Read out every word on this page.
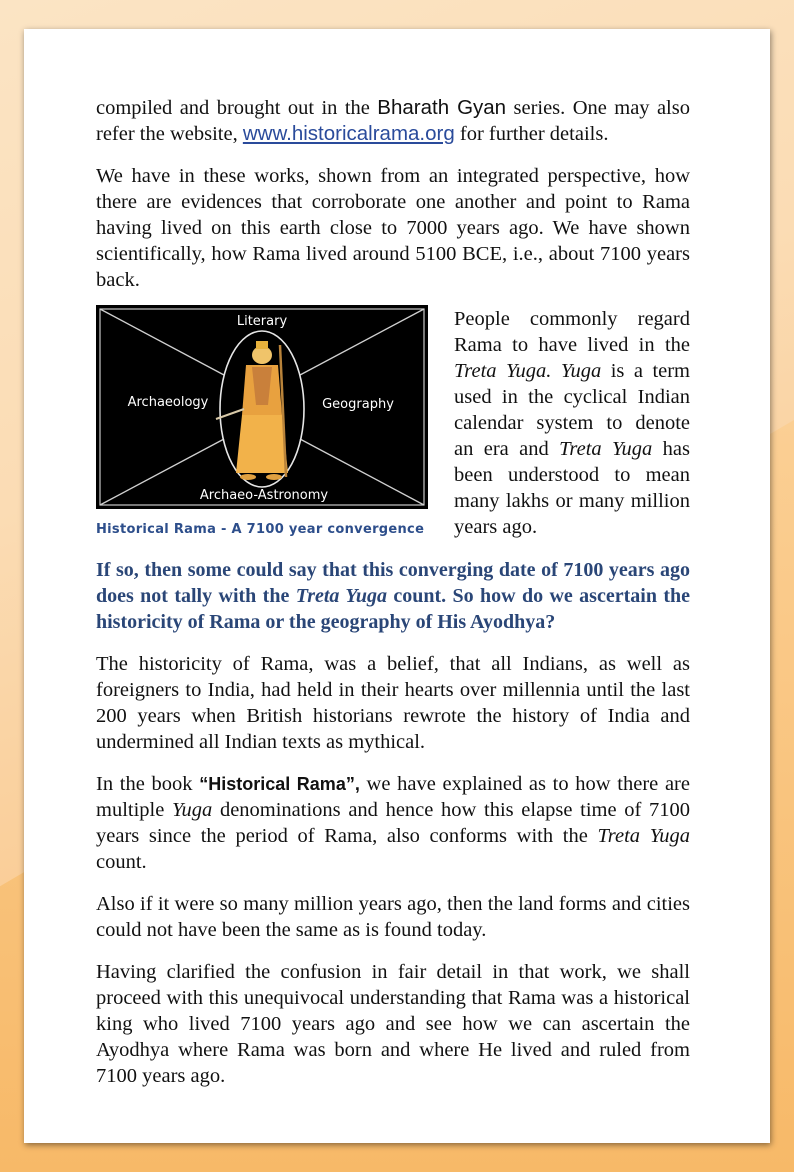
compiled and brought out in the Bharath Gyan series. One may also refer the website, www.historicalrama.org for further details.

We have in these works, shown from an integrated perspective, how there are evidences that corroborate one another and point to Rama having lived on this earth close to 7000 years ago. We have shown scientifically, how Rama lived around 5100 BCE, i.e., about 7100 years back.

Literary
Archaeology	Geography
Archaeo-Astronomy
Historical Rama - A 7100 year convergence
People commonly regard Rama to have lived in the Treta Yuga. Yuga is a term used in the cyclical Indian calendar system to denote an era and Treta Yuga has been understood to mean many lakhs or many million years ago.

If so, then some could say that this converging date of 7100 years ago does not tally with the Treta Yuga count. So how do we ascertain the historicity of Rama or the geography of His Ayodhya?

The historicity of Rama, was a belief, that all Indians, as well as foreigners to India, had held in their hearts over millennia until the last 200 years when British historians rewrote the history of India and undermined all Indian texts as mythical.

In the book “Historical Rama”, we have explained as to how there are multiple Yuga denominations and hence how this elapse time of 7100 years since the period of Rama, also conforms with the Treta Yuga count.

Also if it were so many million years ago, then the land forms and cities could not have been the same as is found today.

Having clarified the confusion in fair detail in that work, we shall proceed with this unequivocal understanding that Rama was a historical king who lived 7100 years ago and see how we can ascertain the Ayodhya where Rama was born and where He lived and ruled from 7100 years ago.
